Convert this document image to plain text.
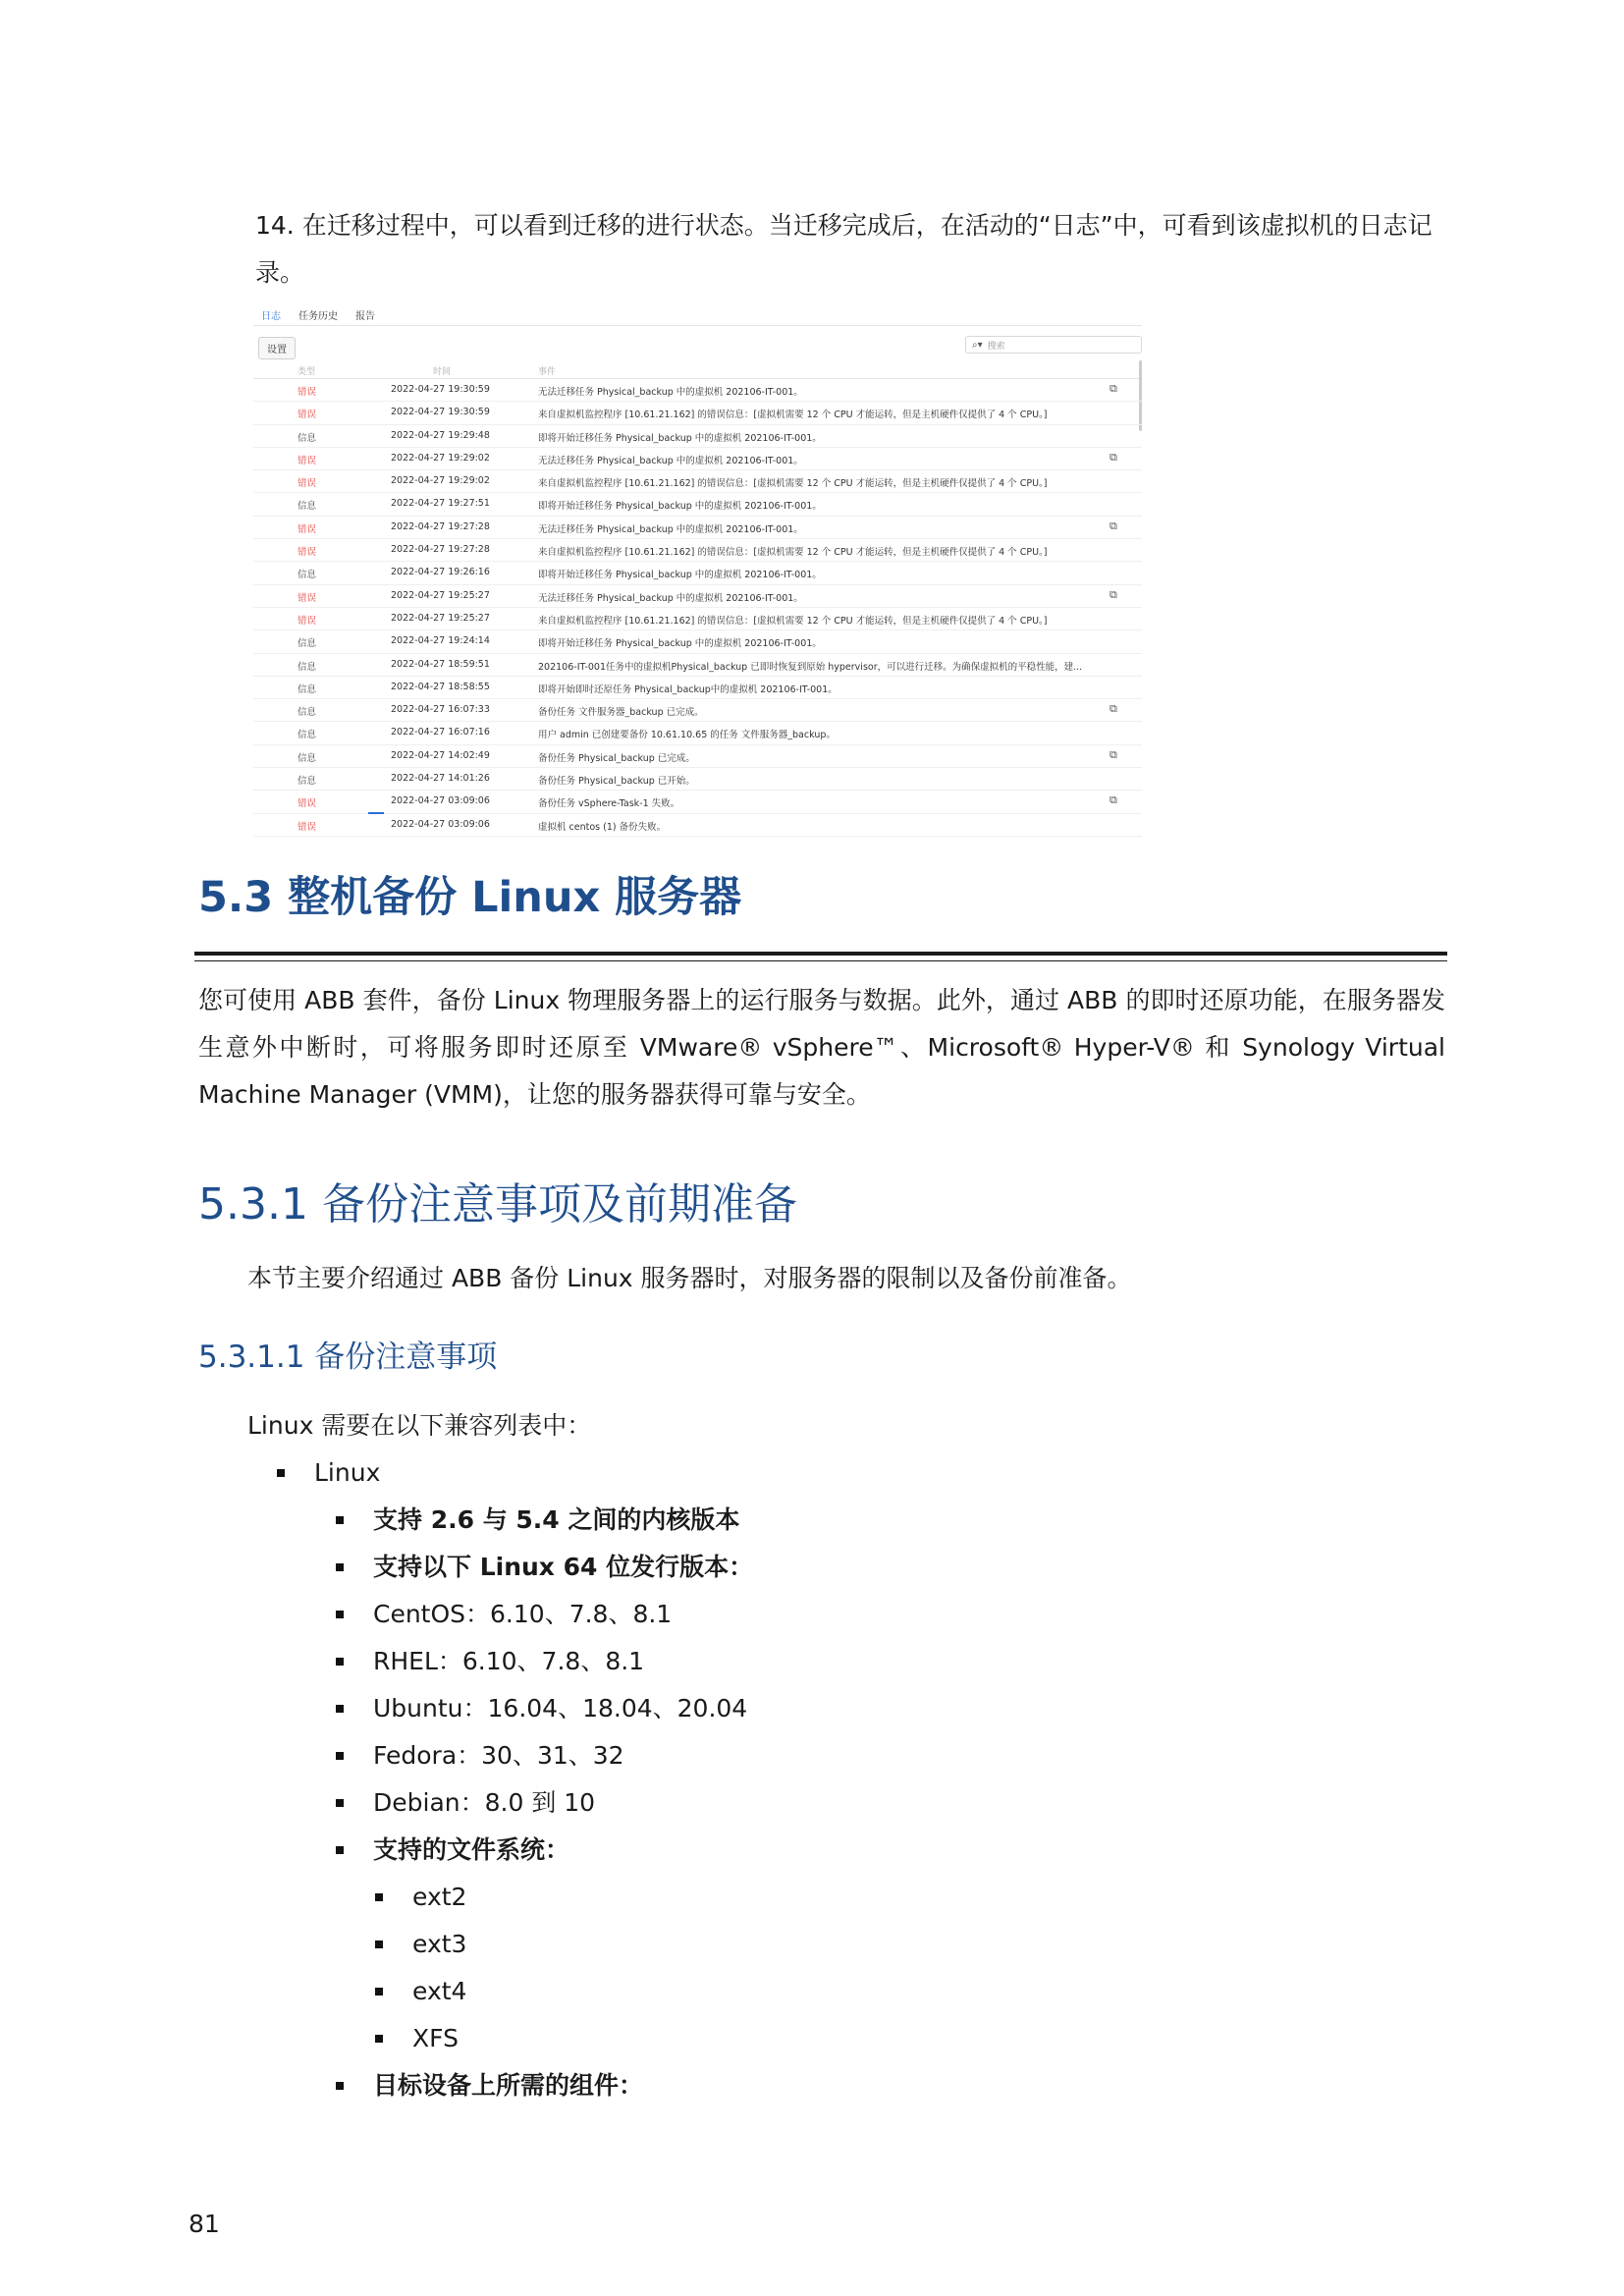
14. 在迁移过程中，可以看到迁移的进行状态。当迁移完成后，在活动的“日志”中，可看到该虚拟机的日志记录。
日志 任务历史 报告
设置	⌕▾ 搜索
类型	时间	事件
错误	2022-04-27 19:30:59	无法迁移任务 Physical_backup 中的虚拟机 202106-IT-001。	⧉
错误	2022-04-27 19:30:59	来自虚拟机监控程序 [10.61.21.162] 的错误信息：[虚拟机需要 12 个 CPU 才能运转，但是主机硬件仅提供了 4 个 CPU。]
信息	2022-04-27 19:29:48	即将开始迁移任务 Physical_backup 中的虚拟机 202106-IT-001。
错误	2022-04-27 19:29:02	无法迁移任务 Physical_backup 中的虚拟机 202106-IT-001。	⧉
错误	2022-04-27 19:29:02	来自虚拟机监控程序 [10.61.21.162] 的错误信息：[虚拟机需要 12 个 CPU 才能运转，但是主机硬件仅提供了 4 个 CPU。]
信息	2022-04-27 19:27:51	即将开始迁移任务 Physical_backup 中的虚拟机 202106-IT-001。
错误	2022-04-27 19:27:28	无法迁移任务 Physical_backup 中的虚拟机 202106-IT-001。	⧉
错误	2022-04-27 19:27:28	来自虚拟机监控程序 [10.61.21.162] 的错误信息：[虚拟机需要 12 个 CPU 才能运转，但是主机硬件仅提供了 4 个 CPU。]
信息	2022-04-27 19:26:16	即将开始迁移任务 Physical_backup 中的虚拟机 202106-IT-001。
错误	2022-04-27 19:25:27	无法迁移任务 Physical_backup 中的虚拟机 202106-IT-001。	⧉
错误	2022-04-27 19:25:27	来自虚拟机监控程序 [10.61.21.162] 的错误信息：[虚拟机需要 12 个 CPU 才能运转，但是主机硬件仅提供了 4 个 CPU。]
信息	2022-04-27 19:24:14	即将开始迁移任务 Physical_backup 中的虚拟机 202106-IT-001。
信息	2022-04-27 18:59:51	202106-IT-001任务中的虚拟机Physical_backup 已即时恢复到原始 hypervisor，可以进行迁移。为确保虚拟机的平稳性能，建...
信息	2022-04-27 18:58:55	即将开始即时还原任务 Physical_backup中的虚拟机 202106-IT-001。
信息	2022-04-27 16:07:33	备份任务 文件服务器_backup 已完成。	⧉
信息	2022-04-27 16:07:16	用户 admin 已创建要备份 10.61.10.65 的任务 文件服务器_backup。
信息	2022-04-27 14:02:49	备份任务 Physical_backup 已完成。	⧉
信息	2022-04-27 14:01:26	备份任务 Physical_backup 已开始。
错误	2022-04-27 03:09:06	备份任务 vSphere-Task-1 失败。	⧉
错误	2022-04-27 03:09:06	虚拟机 centos (1) 备份失败。
5.3 整机备份 Linux 服务器
您可使用 ABB 套件，备份 Linux 物理服务器上的运行服务与数据。此外，通过 ABB 的即时还原功能，在服务器发生意外中断时，可将服务即时还原至 VMware® vSphere™、Microsoft® Hyper-V® 和 Synology Virtual Machine Manager (VMM)，让您的服务器获得可靠与安全。
5.3.1 备份注意事项及前期准备
本节主要介绍通过 ABB 备份 Linux 服务器时，对服务器的限制以及备份前准备。
5.3.1.1 备份注意事项
Linux 需要在以下兼容列表中：
Linux
支持 2.6 与 5.4 之间的内核版本
支持以下 Linux 64 位发行版本：
CentOS：6.10、7.8、8.1
RHEL：6.10、7.8、8.1
Ubuntu：16.04、18.04、20.04
Fedora：30、31、32
Debian：8.0 到 10
支持的文件系统：
ext2
ext3
ext4
XFS
目标设备上所需的组件：
81
